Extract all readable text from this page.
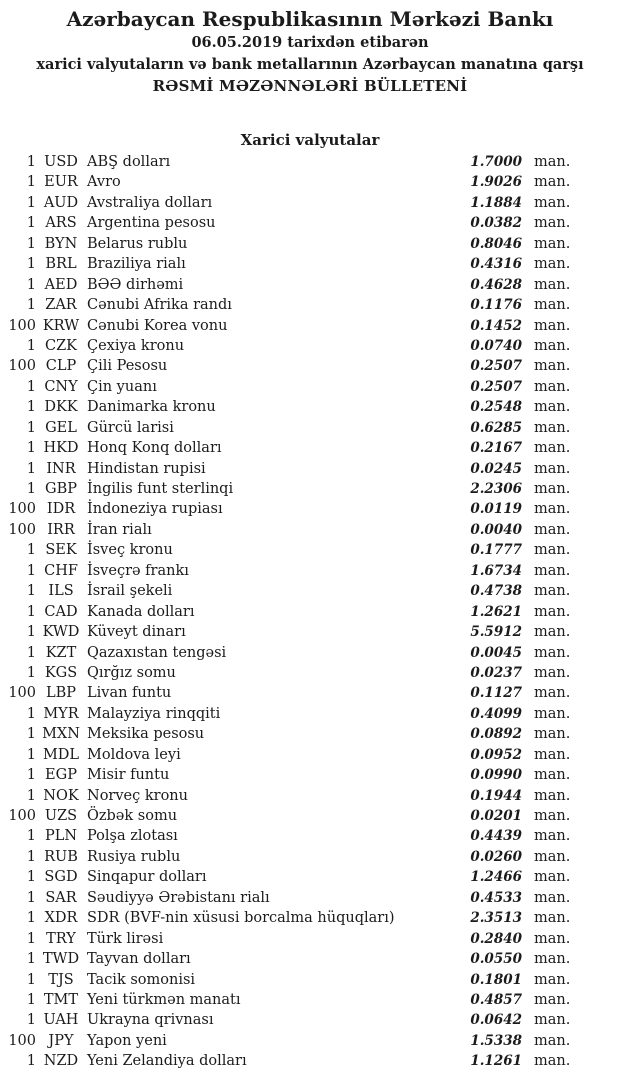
Azərbaycan Respublikasının Mərkəzi Bankı
06.05.2019 tarixdən etibarən
xarici valyutaların və bank metallarının Azərbaycan manatına qarşı
RƏSMİ MƏZƏNNƏLƏRİ BÜLLETENİ
Xarici valyutalar
1 USD ABŞ dolları	1.7000 man.
1 EUR Avro	1.9026 man.
1 AUD Avstraliya dolları	1.1884 man.
1 ARS Argentina pesosu	0.0382 man.
1 BYN Belarus rublu	0.8046 man.
1 BRL Braziliya rialı	0.4316 man.
1 AED BƏƏ dirhəmi	0.4628 man.
1 ZAR Cənubi Afrika randı	0.1176 man.
100 KRW Cənubi Korea vonu	0.1452 man.
1 CZK Çexiya kronu	0.0740 man.
100 CLP Çili Pesosu	0.2507 man.
1 CNY Çin yuanı	0.2507 man.
1 DKK Danimarka kronu	0.2548 man.
1 GEL Gürcü larisi	0.6285 man.
1 HKD Honq Konq dolları	0.2167 man.
1 INR Hindistan rupisi	0.0245 man.
1 GBP İngilis funt sterlinqi	2.2306 man.
100 IDR İndoneziya rupiası	0.0119 man.
100 IRR İran rialı	0.0040 man.
1 SEK İsveç kronu	0.1777 man.
1 CHF İsveçrə frankı	1.6734 man.
1 ILS İsrail şekeli	0.4738 man.
1 CAD Kanada dolları	1.2621 man.
1 KWD Küveyt dinarı	5.5912 man.
1 KZT Qazaxıstan tengəsi	0.0045 man.
1 KGS Qırğız somu	0.0237 man.
100 LBP Livan funtu	0.1127 man.
1 MYR Malayziya rinqqiti	0.4099 man.
1 MXN Meksika pesosu	0.0892 man.
1 MDL Moldova leyi	0.0952 man.
1 EGP Misir funtu	0.0990 man.
1 NOK Norveç kronu	0.1944 man.
100 UZS Özbək somu	0.0201 man.
1 PLN Polşa zlotası	0.4439 man.
1 RUB Rusiya rublu	0.0260 man.
1 SGD Sinqapur dolları	1.2466 man.
1 SAR Səudiyyə Ərəbistanı rialı	0.4533 man.
1 XDR SDR (BVF-nin xüsusi borcalma hüquqları)	2.3513 man.
1 TRY Türk lirəsi	0.2840 man.
1 TWD Tayvan dolları	0.0550 man.
1 TJS Tacik somonisi	0.1801 man.
1 TMT Yeni türkmən manatı	0.4857 man.
1 UAH Ukrayna qrivnası	0.0642 man.
100 JPY Yapon yeni	1.5338 man.
1 NZD Yeni Zelandiya dolları	1.1261 man.
